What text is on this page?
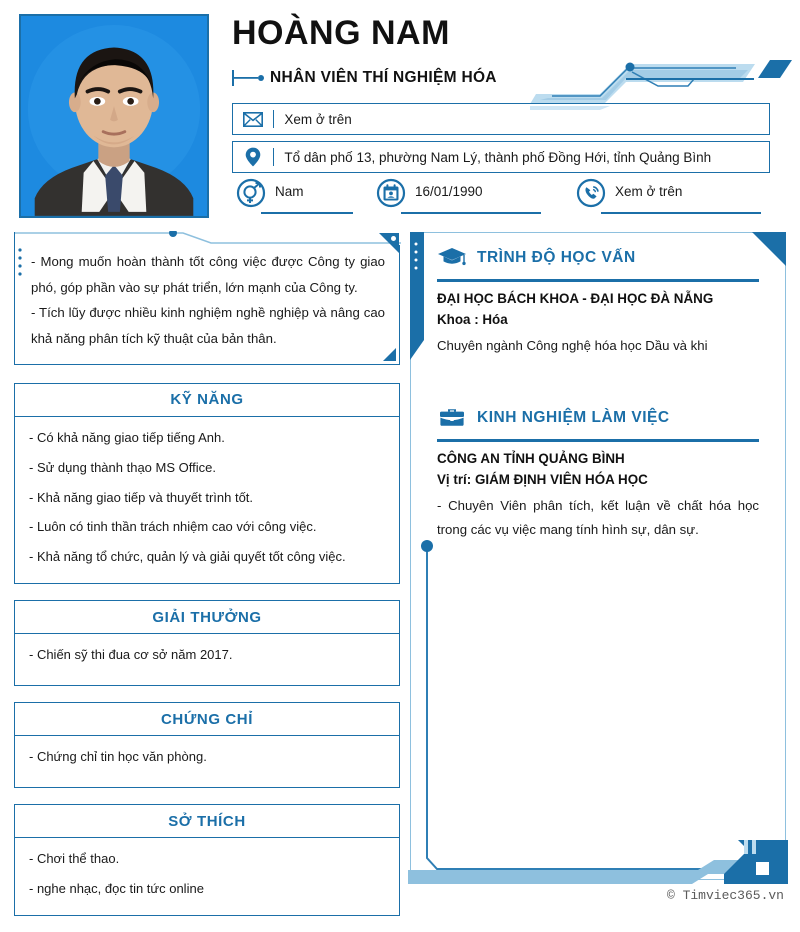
HOÀNG NAM
NHÂN VIÊN THÍ NGHIỆM HÓA
Xem ở trên
Tổ dân phố 13, phường Nam Lý, thành phố Đồng Hới, tỉnh Quảng Bình
Nam	16/01/1990	Xem ở trên

- Mong muốn hoàn thành tốt công việc được Công ty giao phó, góp phần vào sự phát triển, lớn mạnh của Công ty.

- Tích lũy được nhiều kinh nghiệm nghề nghiệp và nâng cao khả năng phân tích kỹ thuật của bản thân.

KỸ NĂNG
- Có khả năng giao tiếp tiếng Anh.
- Sử dụng thành thạo MS Office.
- Khả năng giao tiếp và thuyết trình tốt.
- Luôn có tinh thần trách nhiệm cao với công việc.
- Khả năng tổ chức, quản lý và giải quyết tốt công việc.
GIẢI THƯỞNG
- Chiến sỹ thi đua cơ sở năm 2017.
CHỨNG CHỈ
- Chứng chỉ tin học văn phòng.
SỞ THÍCH
- Chơi thể thao.
- nghe nhạc, đọc tin tức online
TRÌNH ĐỘ HỌC VẤN
ĐẠI HỌC BÁCH KHOA - ĐẠI HỌC ĐÀ NẴNG
Khoa : Hóa
Chuyên ngành Công nghệ hóa học Dầu và khi
KINH NGHIỆM LÀM VIỆC
CÔNG AN TỈNH QUẢNG BÌNH
Vị trí: GIÁM ĐỊNH VIÊN HÓA HỌC
- Chuyên Viên phân tích, kết luận về chất hóa học trong các vụ việc mang tính hình sự, dân sự.
© Timviec365.vn
